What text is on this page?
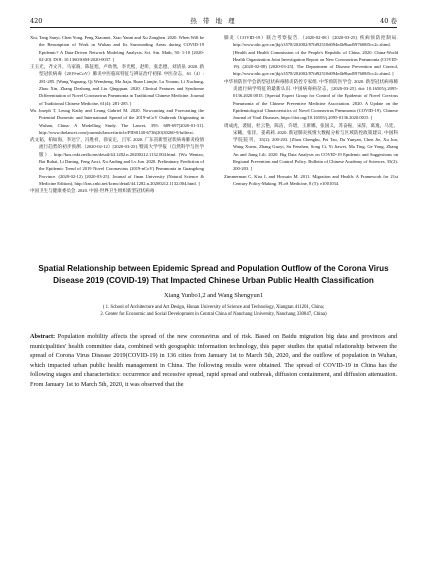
420	热 带 地 理	40 卷

Xiu, Tang Sanyi, Chen Yong, Feng Xiaomei, Xiao Yanni and Xu Zongben. 2020. When Will be the Resumption of Work in Wuhan and Its Surrounding Areas during COVID-19 Epidemic? A Data-Driven Network Modeling Analysis. Sci. Sin. Math, 50: 1-10 [2020-02-20]. DOI: 10.1360/SSM-2020-0037. ]

王玉光，齐文升，马家驹，陈征旭，卢幼然，李光熙，赵昕，张忠德，刘清泉. 2020. 新型冠状病毒（2019-nCoV）肺炎中医临床特征与辨证治疗初探. 中医杂志，61（4）: 281-285. [Wang Yuguang, Qi Wensheng, Ma Jiaju, Ruan Lianjie, Lu Youran, Li Xuchung, Zhao Xin, Zhang Dezhong and Liu Qingquan. 2020. Clinical Features and Syndrome Differentiation of Novel Coronavirus Pneumonia in Traditional Chinese Medicine. Journal of Traditional Chinese Medicine, 61(4): 281-285. ]

Wu Joseph T, Leung Kathy and Leung Gabriel M. 2020. Nowcasting and Forecasting the Potential Domestic and International Spread of the 2019-nCoV Outbreak Originating in Wuhan, China: A Modelling Study. The Lancet, 395: 689-697[2020-01-31]. http://www.thelancet.com/journals/lancet/article/PIIS0140-6736(20)30260-9/fulltext.

武文韬，柏如海，李达宁，冯胜祥，徐安定，吕军. 2020. 广东省新型冠状病毒肺炎疫情流行趋势的初步预测.（2020-02-12）[2020-03-25]. 暨南大学学报（自然科学与医学版）. http://kns.cnki.net/kcms/detail/44.1282.n.20200212.1132.004.html. [Wu Wentao, Bai Ruhai, Li Daning, Feng Aoxi, Xu Anding and Lv Jun. 2020. Preliminary Prediction of the Epidemic Trend of 2019 Novel Coronavirus (2019-nCoV) Pneumonia in Guangdong Province. (2020-02-12) [2020-03-25]. Journal of Jinan University (Natural Science & Medicine Edition), http://kns.cnki.net/kcms/detail/44.1282.n.20200212.1132.004.html. ]

中国卫生与健康委员会. 2020. 中国-世界卫生组织新型冠状病毒

肺炎（COVID-19）联合考察报告.（2020-02-08）[2020-03-25]. 疾病预防控制局. http://www.nhc.gov.cn/jkj/s3578/202002/87fd92510d094e4b9bad597608f5cc2c.shtml. [Health and Health Commission of the People's Republic of China. 2020. China-World Health Organization Joint Investigation Report on New Coronavirus Pneumonia (COVID-19). (2020-02-08) [2020-03-25]. The Department of Disease Prevention and Control, http://www.nhc.gov.cn/jkj/s3578/202002/87fd92510d094e4b9bad597608f5cc2c.shtml. ]

中华预防医学会新型冠状病毒肺炎防控专家组. 中华预防医学会. 2020. 新型冠状病毒肺炎流行病学特征的最新认识. 中国病毒病杂志，[2020-03-25]. doi: 10.16505/j.2095-0136.2020.0015. [Special Expert Group for Control of the Epidemic of Novel Corvirus Pneumonia of the Chinese Preventive Medicine Association. 2020. A Update on the Epidemiological Characteristics of Novel Coronavirus Pneumonia (COVID-19). Chinese Journal of Viral Diseases, https://doi.org/10.16505/j.2095-0136.2020.0015. ]

周成虎，裴韬，杜云艳，陈洁，许珺，王席娜，张国义，苏奋振，宋辞，葛逸，马廷，宋曦，张洋，姜莉莉. 2020. 新冠肺炎疫情大数据分析与区域防控政策建议. 中国科学院院刊，35(2): 200-203. [Zhou Chenghu, Pei Tao, Du Yunyan, Chen Jie, Xu Jun, Wang Xueru, Zhang Guoyi, Su Fenzhen, Song Ci, Yi Jiawei, Ma Ting, Ge Yong, Zhang An and Jiang Lili. 2020. Big Data Analysis on COVID-19 Epidemic and Suggestions on Regional Prevention and Control Policy. Bulletin of Chinese Academy of Sciences, 35(2): 200-203. ]

Zimmerman C, Kiss L and Hossain M. 2011. Migration and Health: A Framework for 21st Century Policy-Making. PLoS Medicine, 8 (5): e1001034.

Spatial Relationship between Epidemic Spread and Population Outflow of the Corona Virus
Disease 2019 (COVID-19) That Impacted Chinese Urban Public Health Classification
Xiang Yunbo1,2 and Wang Shengyun1
( 1. School of Architecture and Art Design, Hunan University of Science and Technology, Xiangtan 411201, China;
2. Center for Economic and Social Development in Central China of Nanchang University, Nanchang 330047, China)

Abstract: Population mobility affects the spread of the new coronavirus and of risk. Based on Baidu migration big data and provinces and municipalities' health committee data, combined with geographic information technology, this paper studies the spatial relationship between the spread of Corona Virus Disease 2019(COVID-19) in 136 cities from January 1st to March 5th, 2020, and the outflow of population in Wuhan, which impacted urban public health management in China. The following results were obtained. The spread of COVID-19 in China has the following stages and characteristics: occurrence and recessive spread, rapid spread and outbreak, diffusion containment, and diffusion attenuation. From January 1st to March 5th, 2020, it was observed that the
